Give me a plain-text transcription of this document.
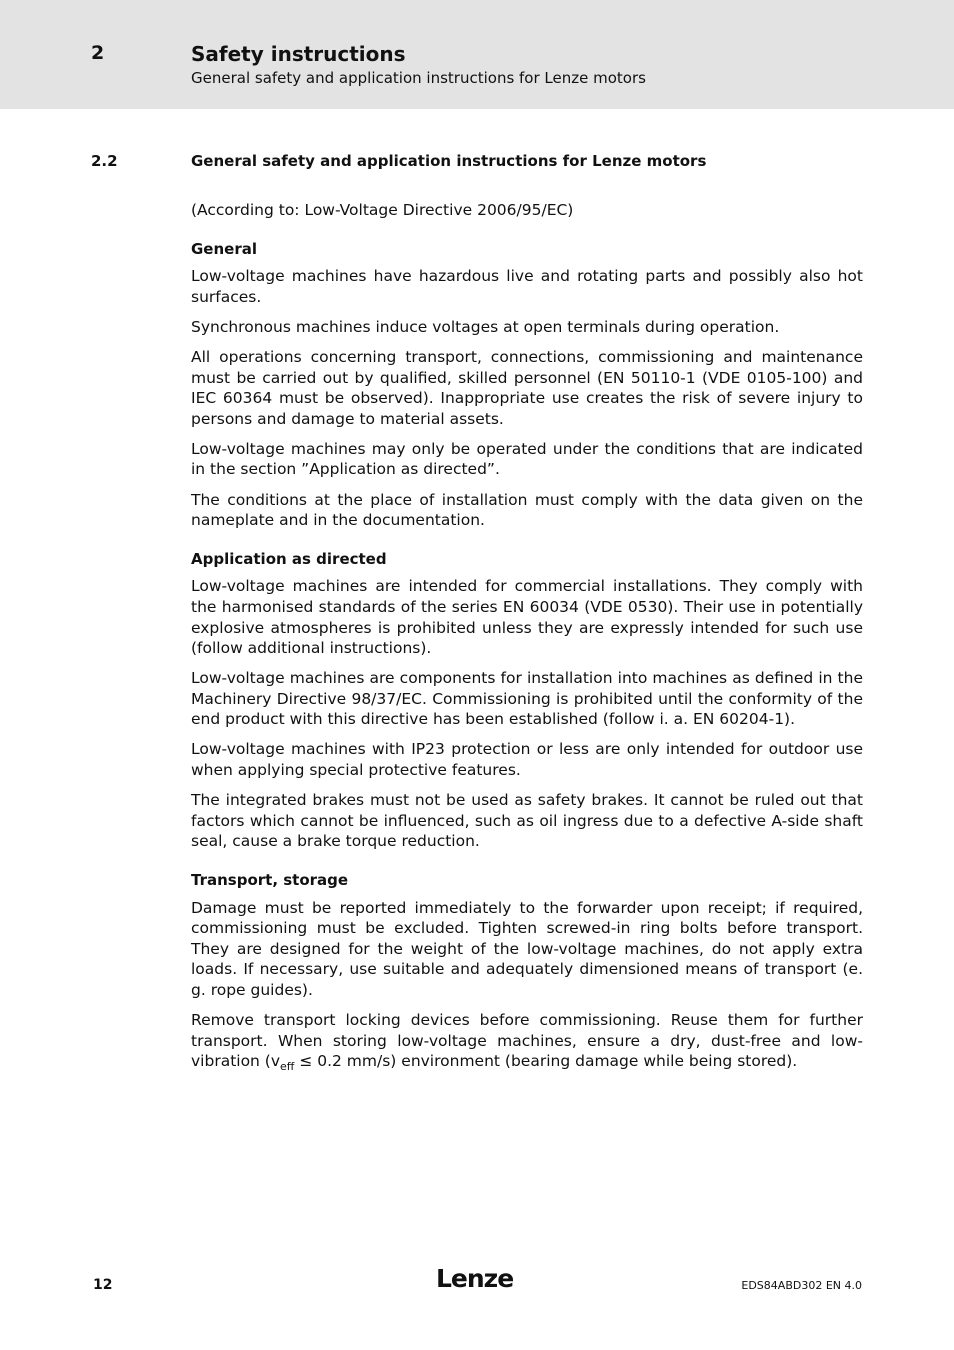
2	Safety instructions
General safety and application instructions for Lenze motors
2.2	General safety and application instructions for Lenze motors

(According to: Low-Voltage Directive 2006/95/EC)

General

Low-voltage machines have hazardous live and rotating parts and possibly also hot surfaces.

Synchronous machines induce voltages at open terminals during operation.

All operations concerning transport, connections, commissioning and maintenance must be carried out by qualified, skilled personnel (EN 50110-1 (VDE 0105-100) and IEC 60364 must be observed). Inappropriate use creates the risk of severe injury to persons and damage to material assets.

Low-voltage machines may only be operated under the conditions that are indicated in the section ”Application as directed”.

The conditions at the place of installation must comply with the data given on the nameplate and in the documentation.

Application as directed

Low-voltage machines are intended for commercial installations. They comply with the harmonised standards of the series EN 60034 (VDE 0530). Their use in potentially explosive atmospheres is prohibited unless they are expressly intended for such use (follow additional instructions).

Low-voltage machines are components for installation into machines as defined in the Machinery Directive 98/37/EC. Commissioning is prohibited until the conformity of the end product with this directive has been established (follow i. a. EN 60204-1).

Low-voltage machines with IP23 protection or less are only intended for outdoor use when applying special protective features.

The integrated brakes must not be used as safety brakes. It cannot be ruled out that factors which cannot be influenced, such as oil ingress due to a defective A-side shaft seal, cause a brake torque reduction.

Transport, storage

Damage must be reported immediately to the forwarder upon receipt; if required, commissioning must be excluded. Tighten screwed-in ring bolts before transport. They are designed for the weight of the low-voltage machines, do not apply extra loads. If necessary, use suitable and adequately dimensioned means of transport (e. g. rope guides).

Remove transport locking devices before commissioning. Reuse them for further transport. When storing low-voltage machines, ensure a dry, dust-free and low-vibration ($v_{eff} \le 0.2$ mm/s) environment (bearing damage while being stored).

12	Lenze	EDS84ABD302 EN 4.0
